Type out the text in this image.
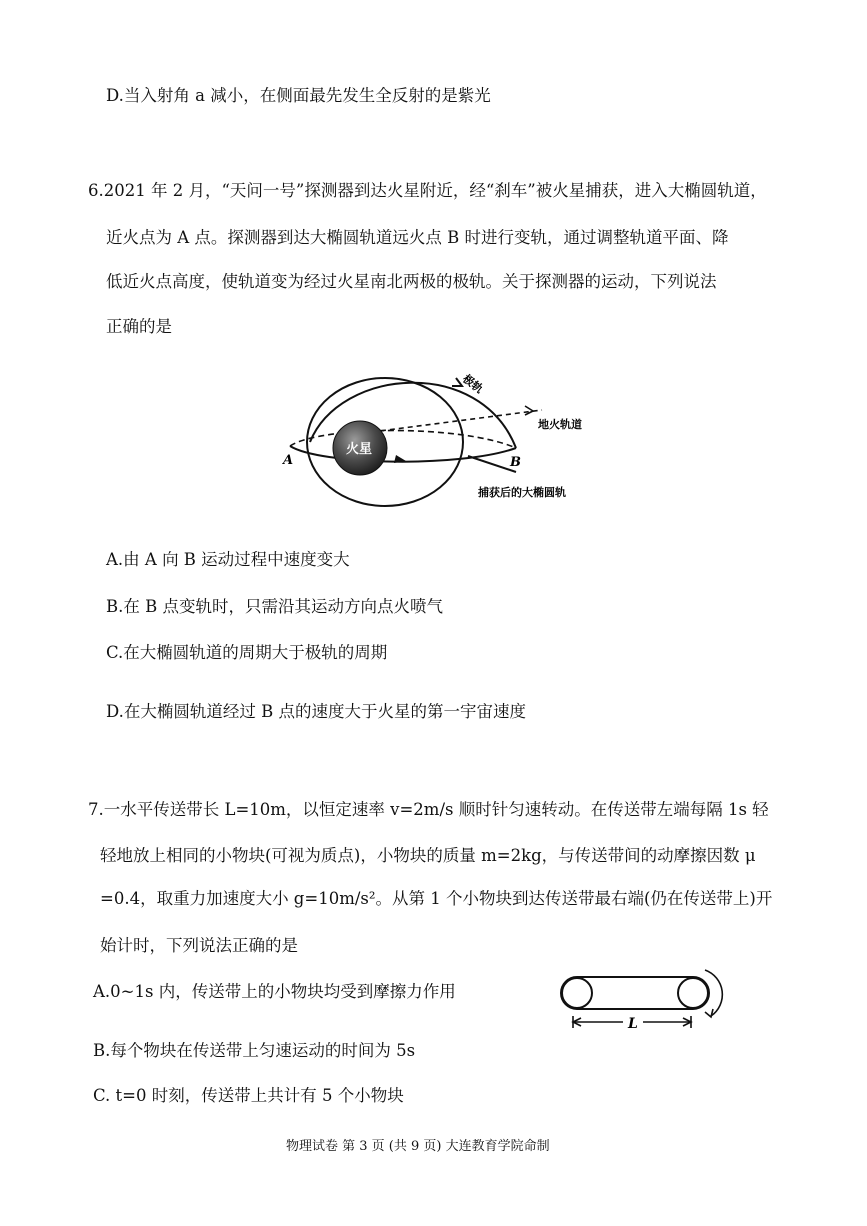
D.当入射角 a 减小，在侧面最先发生全反射的是紫光
6.2021 年 2 月，“天问一号”探测器到达火星附近，经“刹车”被火星捕获，进入大椭圆轨道，
近火点为 A 点。探测器到达大椭圆轨道远火点 B 时进行变轨，通过调整轨道平面、降
低近火点高度，使轨道变为经过火星南北两极的极轨。关于探测器的运动，下列说法
正确的是
火星
A	B
极轨
地火轨道
捕获后的大椭圆轨
A.由 A 向 B 运动过程中速度变大
B.在 B 点变轨时，只需沿其运动方向点火喷气
C.在大椭圆轨道的周期大于极轨的周期
D.在大椭圆轨道经过 B 点的速度大于火星的第一宇宙速度
7.一水平传送带长 L=10m，以恒定速率 v=2m/s 顺时针匀速转动。在传送带左端每隔 1s 轻
轻地放上相同的小物块(可视为质点)，小物块的质量 m=2kg，与传送带间的动摩擦因数 μ
=0.4，取重力加速度大小 g=10m/s²。从第 1 个小物块到达传送带最右端(仍在传送带上)开
始计时，下列说法正确的是
A.0~1s 内，传送带上的小物块均受到摩擦力作用
B.每个物块在传送带上匀速运动的时间为 5s
C. t=0 时刻，传送带上共计有 5 个小物块
L
物理试卷 第 3 页 (共 9 页) 大连教育学院命制
